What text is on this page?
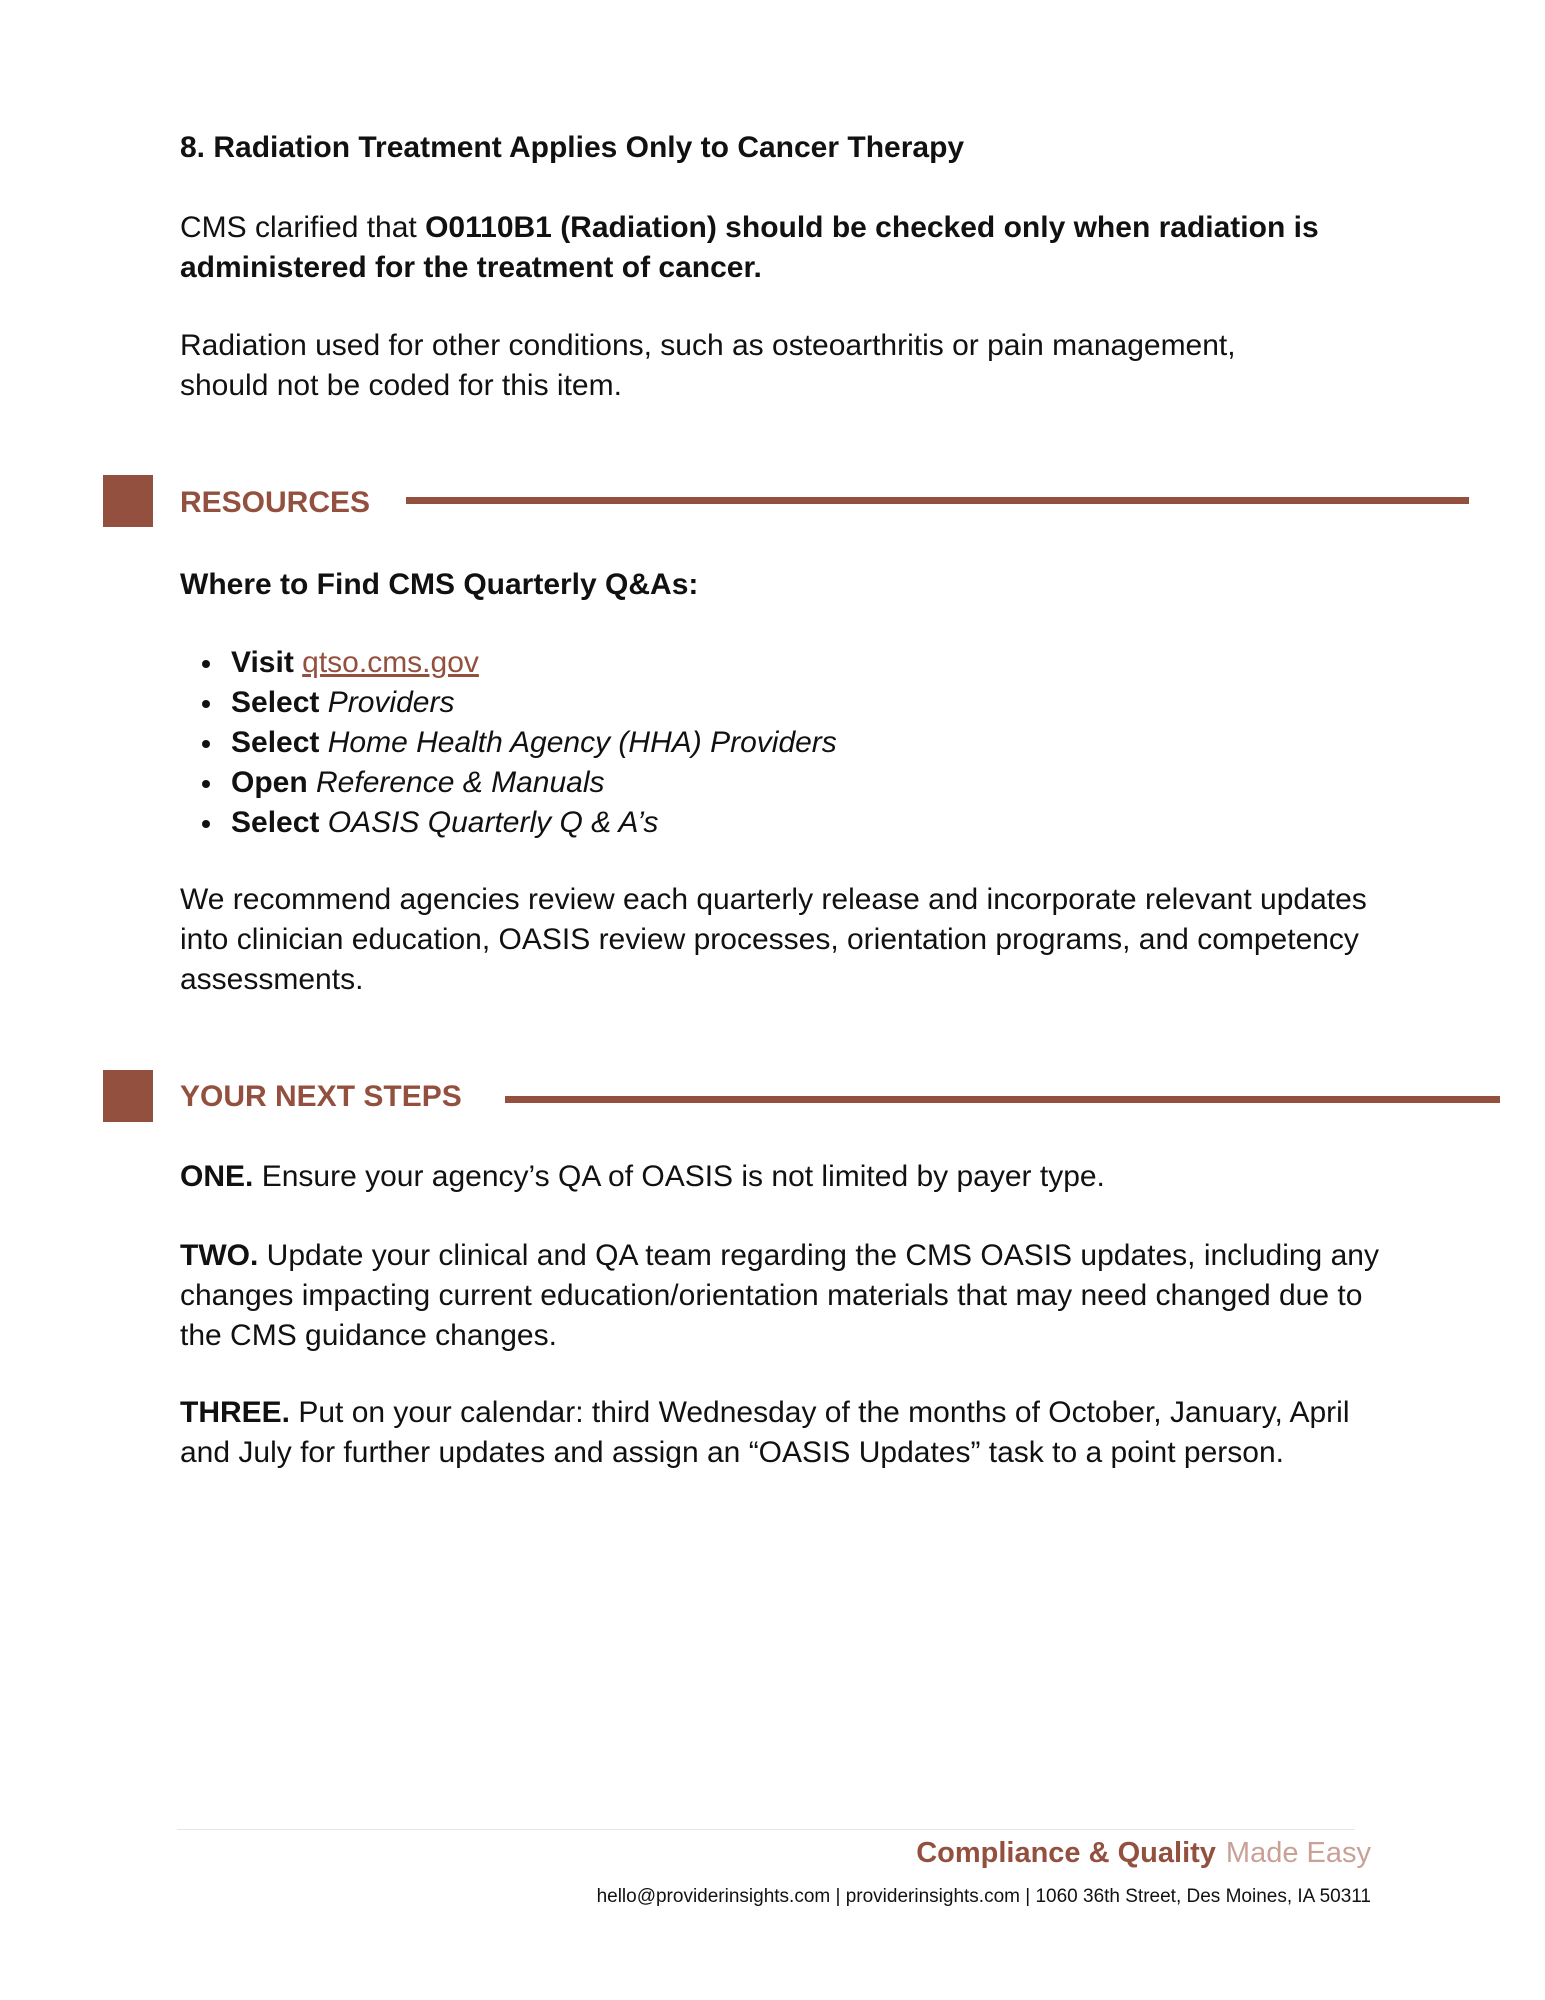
8. Radiation Treatment Applies Only to Cancer Therapy
CMS clarified that O0110B1 (Radiation) should be checked only when radiation is administered for the treatment of cancer.
Radiation used for other conditions, such as osteoarthritis or pain management, should not be coded for this item.
RESOURCES
Where to Find CMS Quarterly Q&As:
Visit qtso.cms.gov
Select Providers
Select Home Health Agency (HHA) Providers
Open Reference & Manuals
Select OASIS Quarterly Q & A’s
We recommend agencies review each quarterly release and incorporate relevant updates into clinician education, OASIS review processes, orientation programs, and competency assessments.
YOUR NEXT STEPS
ONE. Ensure your agency’s QA of OASIS is not limited by payer type.
TWO. Update your clinical and QA team regarding the CMS OASIS updates, including any changes impacting current education/orientation materials that may need changed due to the CMS guidance changes.
THREE. Put on your calendar: third Wednesday of the months of October, January, April and July for further updates and assign an “OASIS Updates” task to a point person.
Compliance & Quality Made Easy
hello@providerinsights.com | providerinsights.com | 1060 36th Street, Des Moines, IA 50311
